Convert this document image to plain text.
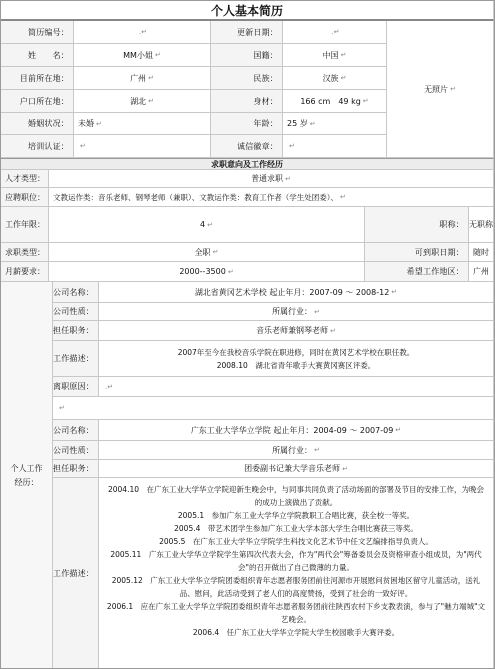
个人基本简历
简历编号：	.↵	更新日期：	.↵
无照片 ↵
姓　　名：	MM小姐 ↵	国籍：	中国 ↵
目前所在地：	广州 ↵	民族：	汉族 ↵
户口所在地：	湖北 ↵	身材：	166 cm　49 kg ↵
婚姻状况： 未婚 ↵	年龄： 25 岁 ↵
培训认证： ↵	诚信徽章： ↵
求职意向及工作经历
人才类型：	普通求职 ↵
应聘职位： 文教运作类：音乐老师、钢琴老师（兼职）、文教运作类：教育工作者（学生处团委）、 ↵
工作年限：	4 ↵	职称： 无职称
求职类型：	全职 ↵	可到职日期： 随时
月薪要求：	2000--3500 ↵	希望工作地区： 广州
个人工作经历：
公司名称：	湖北省黄冈艺术学校
起止年月：2007-09 ～ 2008-12 ↵
公司性质：	所属行业： ↵
担任职务：	音乐老师兼钢琴老师 ↵
工作描述：

2007年至今在我校音乐学院在职进修，同时在黄冈艺术学校在职任教。

2008.10　湖北省青年歌手大赛黄冈赛区评委。

离职原因： .↵
↵
公司名称：	广东工业大学华立学院
起止年月：2004-09 ～ 2007-09 ↵
公司性质：	所属行业： ↵
担任职务：	团委副书记兼大学音乐老师 ↵
工作描述：

2004.10　在广东工业大学华立学院迎新生晚会中，与同事共同负责了活动场面的部署及节目的安排工作，为晚会的成功上演做出了贡献。

2005.1　参加广东工业大学华立学院教职工合唱比赛，获全校一等奖。

2005.4　带艺术团学生参加广东工业大学本部大学生合唱比赛获三等奖。

2005.5　在广东工业大学华立学院学生科技文化艺术节中任文艺编排指导负责人。

2005.11　广东工业大学华立学院学生第四次代表大会，作为"两代会"筹备委员会及资格审查小组成员，为"两代会"的召开做出了自己微薄的力量。

2005.12　广东工业大学华立学院团委组织青年志愿者服务团前往河源市开展慰问贫困地区留守儿童活动，送礼品、慰问，此活动受到了老人们的高度赞扬，受到了社会的一致好评。

2006.1　应在广东工业大学华立学院团委组织青年志愿者服务团前往陕西农村下乡支教表演，参与了"魅力端城"文艺晚会。

2006.4　任广东工业大学华立学院大学生校园歌手大赛评委。
